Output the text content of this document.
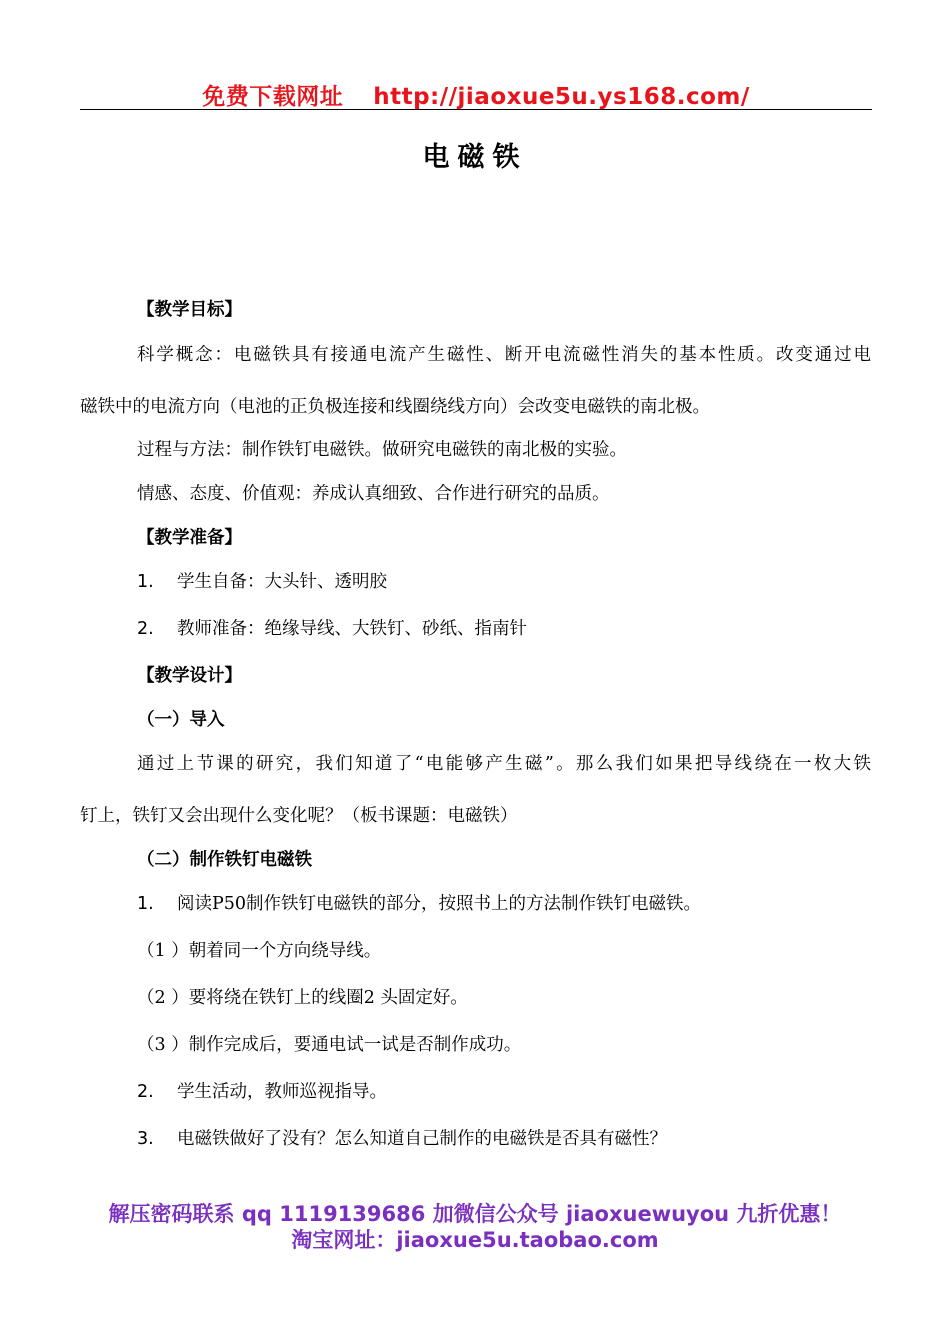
免费下载网址 http://jiaoxue5u.ys168.com/
电磁铁
【教学目标】
科学概念：电磁铁具有接通电流产生磁性、断开电流磁性消失的基本性质。改变通过电
磁铁中的电流方向（电池的正负极连接和线圈绕线方向）会改变电磁铁的南北极。
过程与方法：制作铁钉电磁铁。做研究电磁铁的南北极的实验。
情感、态度、价值观：养成认真细致、合作进行研究的品质。
【教学准备】
1. 学生自备：大头针、透明胶
2. 教师准备：绝缘导线、大铁钉、砂纸、指南针
【教学设计】
（一）导入
通过上节课的研究，我们知道了“电能够产生磁”。那么我们如果把导线绕在一枚大铁
钉上，铁钉又会出现什么变化呢？（板书课题：电磁铁）
（二）制作铁钉电磁铁
1. 阅读P50制作铁钉电磁铁的部分，按照书上的方法制作铁钉电磁铁。
（1 ）朝着同一个方向绕导线。
（2 ）要将绕在铁钉上的线圈2 头固定好。
（3 ）制作完成后，要通电试一试是否制作成功。
2. 学生活动，教师巡视指导。
3. 电磁铁做好了没有？怎么知道自己制作的电磁铁是否具有磁性？
解压密码联系 qq 1119139686 加微信公众号 jiaoxuewuyou 九折优惠！
淘宝网址：jiaoxue5u.taobao.com
